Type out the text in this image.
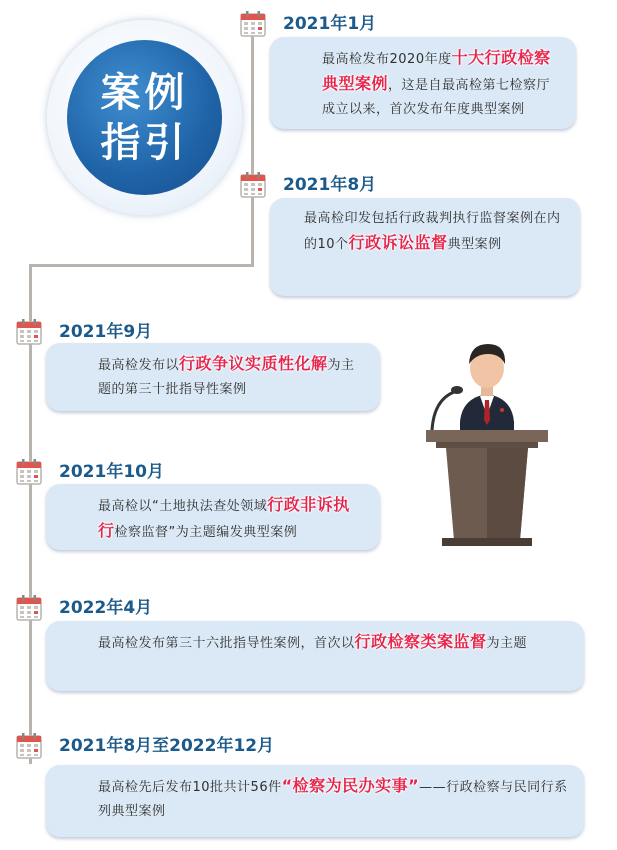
案例
指引
2021年1月
最高检发布2020年度十大行政检察典型案例，这是自最高检第七检察厅成立以来，首次发布年度典型案例
2021年8月
最高检印发包括行政裁判执行监督案例在内的10个行政诉讼监督典型案例
2021年9月
最高检发布以行政争议实质性化解为主题的第三十批指导性案例
2021年10月
最高检以“土地执法查处领域行政非诉执行检察监督”为主题编发典型案例
2022年4月
最高检发布第三十六批指导性案例，首次以行政检察类案监督为主题
2021年8月至2022年12月
最高检先后发布10批共计56件“检察为民办实事”——行政检察与民同行系列典型案例
